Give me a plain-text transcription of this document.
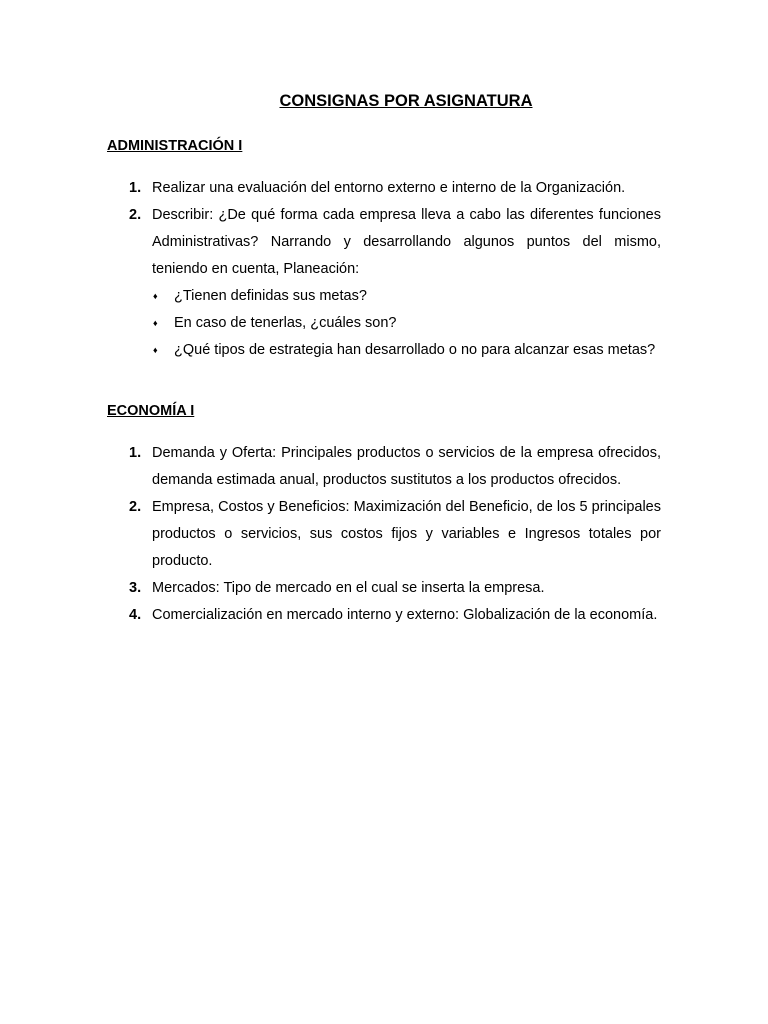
CONSIGNAS POR ASIGNATURA
ADMINISTRACIÓN I
1. Realizar una evaluación del entorno externo e interno de la Organización.
2. Describir: ¿De qué forma cada empresa lleva a cabo las diferentes funciones Administrativas? Narrando y desarrollando algunos puntos del mismo, teniendo en cuenta, Planeación:
♦ ¿Tienen definidas sus metas?
♦ En caso de tenerlas, ¿cuáles son?
♦ ¿Qué tipos de estrategia han desarrollado o no para alcanzar esas metas?
ECONOMÍA I
1. Demanda y Oferta: Principales productos o servicios de la empresa ofrecidos, demanda estimada anual, productos sustitutos a los productos ofrecidos.
2. Empresa, Costos y Beneficios: Maximización del Beneficio, de los 5 principales productos o servicios, sus costos fijos y variables e Ingresos totales por producto.
3. Mercados: Tipo de mercado en el cual se inserta la empresa.
4. Comercialización en mercado interno y externo: Globalización de la economía.
